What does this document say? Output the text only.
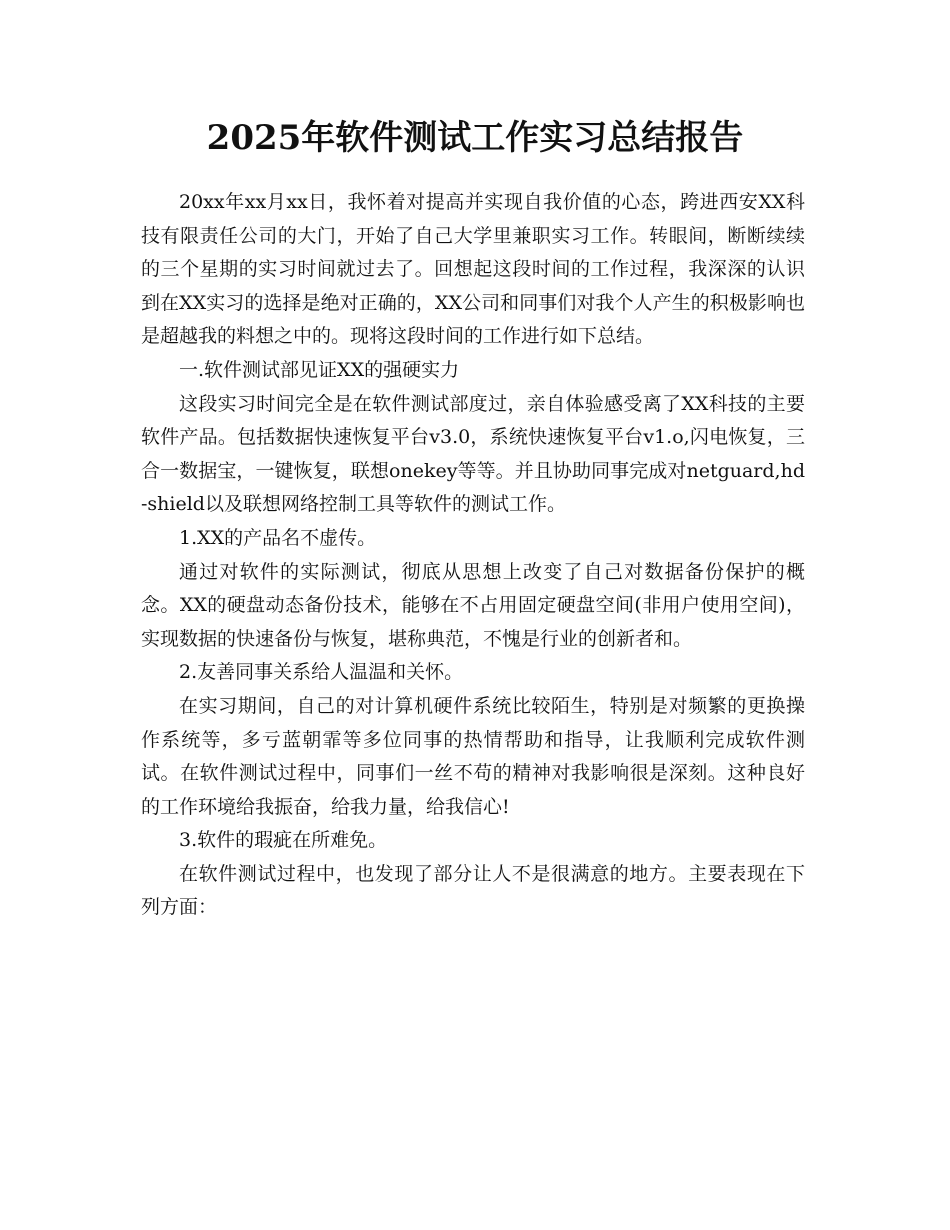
2025年软件测试工作实习总结报告

20xx年xx月xx日，我怀着对提高并实现自我价值的心态，跨进西安XX科技有限责任公司的大门，开始了自己大学里兼职实习工作。转眼间，断断续续的三个星期的实习时间就过去了。回想起这段时间的工作过程，我深深的认识到在XX实习的选择是绝对正确的，XX公司和同事们对我个人产生的积极影响也是超越我的料想之中的。现将这段时间的工作进行如下总结。

一.软件测试部见证XX的强硬实力

这段实习时间完全是在软件测试部度过，亲自体验感受离了XX科技的主要软件产品。包括数据快速恢复平台v3.0，系统快速恢复平台v1.o,闪电恢复，三合一数据宝，一键恢复，联想onekey等等。并且协助同事完成对netguard,hd-shield以及联想网络控制工具等软件的测试工作。

1.XX的产品名不虚传。

通过对软件的实际测试，彻底从思想上改变了自己对数据备份保护的概念。XX的硬盘动态备份技术，能够在不占用固定硬盘空间(非用户使用空间)，实现数据的快速备份与恢复，堪称典范，不愧是行业的创新者和。

2.友善同事关系给人温温和关怀。

在实习期间，自己的对计算机硬件系统比较陌生，特别是对频繁的更换操作系统等，多亏蓝朝霏等多位同事的热情帮助和指导，让我顺利完成软件测试。在软件测试过程中，同事们一丝不苟的精神对我影响很是深刻。这种良好的工作环境给我振奋，给我力量，给我信心!

3.软件的瑕疵在所难免。

在软件测试过程中，也发现了部分让人不是很满意的地方。主要表现在下列方面：
